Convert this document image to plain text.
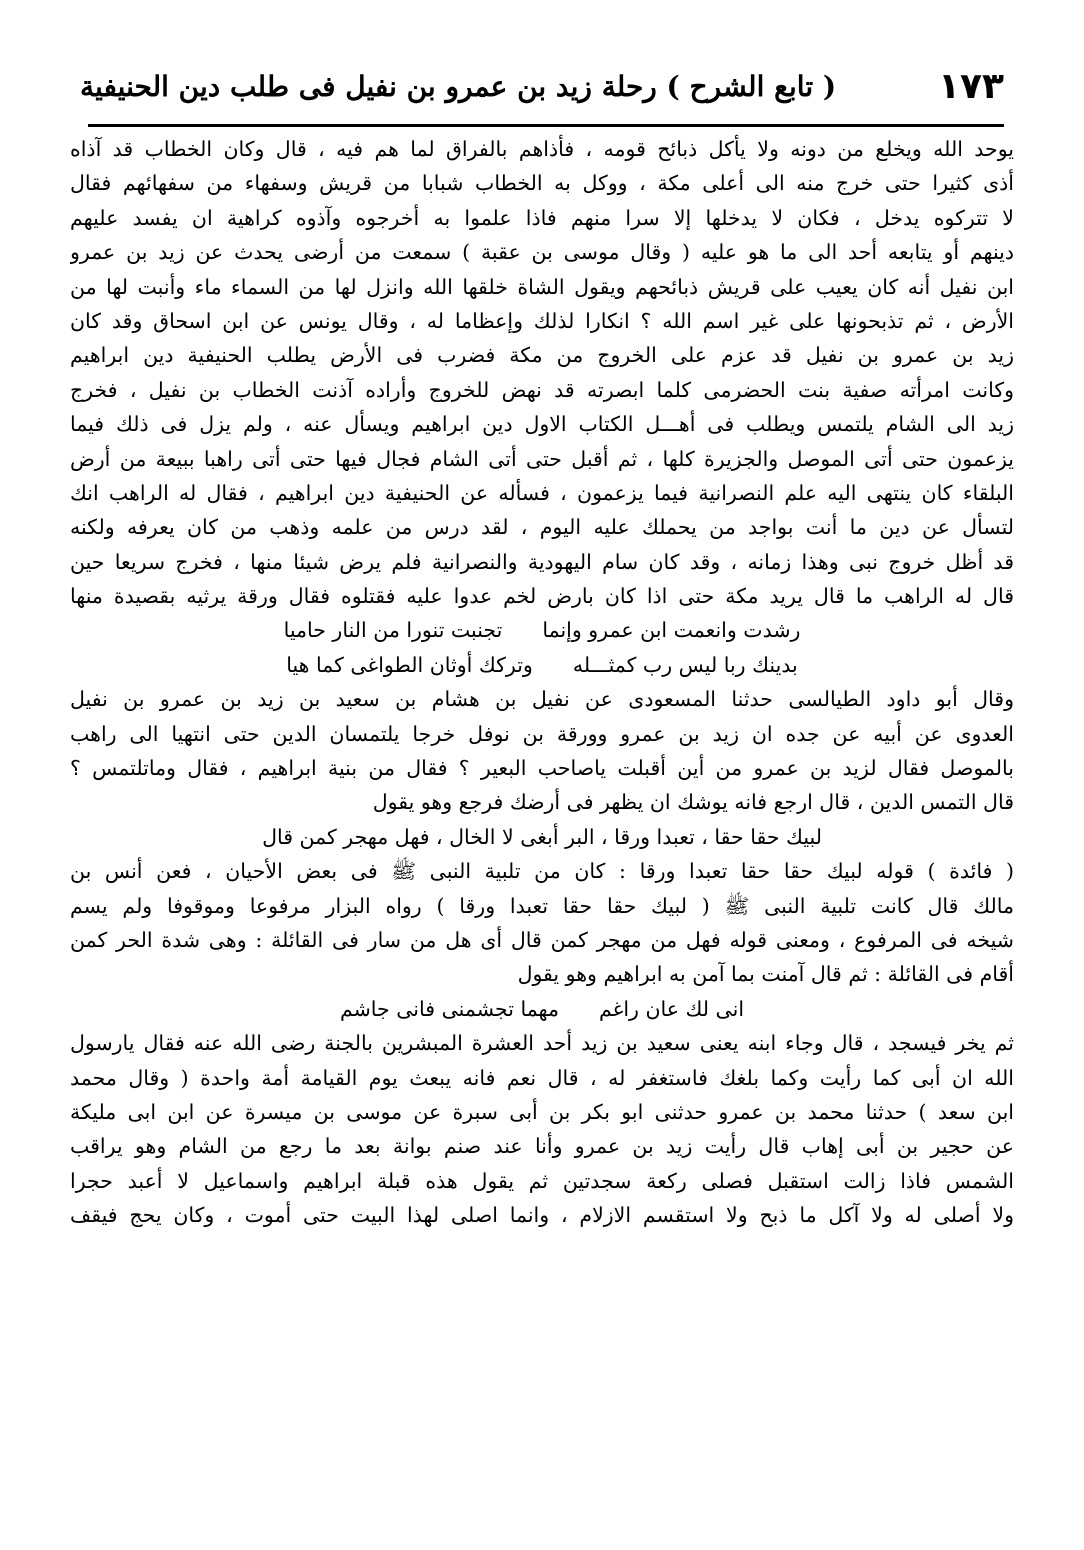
١٧٣
( تابع الشرح ) رحلة زيد بن عمرو بن نفيل فى طلب دين الحنيفية
يوحد الله ويخلع من دونه ولا يأكل ذبائح قومه ، فأذاهم بالفراق لما هم فيه ، قال وكان الخطاب قد آذاه
أذى كثيرا حتى خرج منه الى أعلى مكة ، ووكل به الخطاب شبابا من قريش وسفهاء من سفهائهم فقال
لا تتركوه يدخل ، فكان لا يدخلها إلا سرا منهم فاذا علموا به أخرجوه وآذوه كراهية ان يفسد عليهم
دينهم أو يتابعه أحد الى ما هو عليه ( وقال موسى بن عقبة ) سمعت من أرضى يحدث عن زيد بن عمرو
ابن نفيل أنه كان يعيب على قريش ذبائحهم ويقول الشاة خلقها الله وانزل لها من السماء ماء وأنبت لها من
الأرض ، ثم تذبحونها على غير اسم الله ؟ انكارا لذلك وإعظاما له ، وقال يونس عن ابن اسحاق وقد كان
زيد بن عمرو بن نفيل قد عزم على الخروج من مكة فضرب فى الأرض يطلب الحنيفية دين ابراهيم
وكانت امرأته صفية بنت الحضرمى كلما ابصرته قد نهض للخروج وأراده آذنت الخطاب بن نفيل ، فخرج
زيد الى الشام يلتمس ويطلب فى أهـــل الكتاب الاول دين ابراهيم ويسأل عنه ، ولم يزل فى ذلك فيما
يزعمون حتى أتى الموصل والجزيرة كلها ، ثم أقبل حتى أتى الشام فجال فيها حتى أتى راهبا ببيعة من أرض
البلقاء كان ينتهى اليه علم النصرانية فيما يزعمون ، فسأله عن الحنيفية دين ابراهيم ، فقال له الراهب انك
لتسأل عن دين ما أنت بواجد من يحملك عليه اليوم ، لقد درس من علمه وذهب من كان يعرفه ولكنه
قد أظل خروج نبى وهذا زمانه ، وقد كان سام اليهودية والنصرانية فلم يرض شيئا منها ، فخرج سريعا حين
قال له الراهب ما قال يريد مكة حتى اذا كان بارض لخم عدوا عليه فقتلوه فقال ورقة يرثيه بقصيدة منها
رشدت وانعمت ابن عمرو وإنما
تجنبت تنورا من النار حاميا
بدينك ربا ليس رب كمثـــله
وتركك أوثان الطواغى كما هيا
وقال أبو داود الطيالسى حدثنا المسعودى عن نفيل بن هشام بن سعيد بن زيد بن عمرو بن نفيل
العدوى عن أبيه عن جده ان زيد بن عمرو وورقة بن نوفل خرجا يلتمسان الدين حتى انتهيا الى راهب
بالموصل فقال لزيد بن عمرو من أين أقبلت ياصاحب البعير ؟ فقال من بنية ابراهيم ، فقال وماتلتمس ؟
قال التمس الدين ، قال ارجع فانه يوشك ان يظهر فى أرضك فرجع وهو يقول
لبيك حقا حقا ، تعبدا ورقا ، البر أبغى لا الخال ، فهل مهجر كمن قال
( فائدة ) قوله لبيك حقا حقا تعبدا ورقا : كان من تلبية النبى ﷺ فى بعض الأحيان ، فعن أنس بن
مالك قال كانت تلبية النبى ﷺ ( لبيك حقا حقا تعبدا ورقا ) رواه البزار مرفوعا وموقوفا ولم يسم
شيخه فى المرفوع ، ومعنى قوله فهل من مهجر كمن قال أى هل من سار فى القائلة : وهى شدة الحر كمن
أقام فى القائلة : ثم قال آمنت بما آمن به ابراهيم وهو يقول
انى لك عان راغم
مهما تجشمنى فانى جاشم
ثم يخر فيسجد ، قال وجاء ابنه يعنى سعيد بن زيد أحد العشرة المبشرين بالجنة رضى الله عنه فقال يارسول
الله ان أبى كما رأيت وكما بلغك فاستغفر له ، قال نعم فانه يبعث يوم القيامة أمة واحدة ( وقال محمد
ابن سعد ) حدثنا محمد بن عمرو حدثنى ابو بكر بن أبى سبرة عن موسى بن ميسرة عن ابن ابى مليكة
عن حجير بن أبى إهاب قال رأيت زيد بن عمرو وأنا عند صنم بوانة بعد ما رجع من الشام وهو يراقب
الشمس فاذا زالت استقبل فصلى ركعة سجدتين ثم يقول هذه قبلة ابراهيم واسماعيل لا أعبد حجرا
ولا أصلى له ولا آكل ما ذبح ولا استقسم الازلام ، وانما اصلى لهذا البيت حتى أموت ، وكان يحج فيقف
